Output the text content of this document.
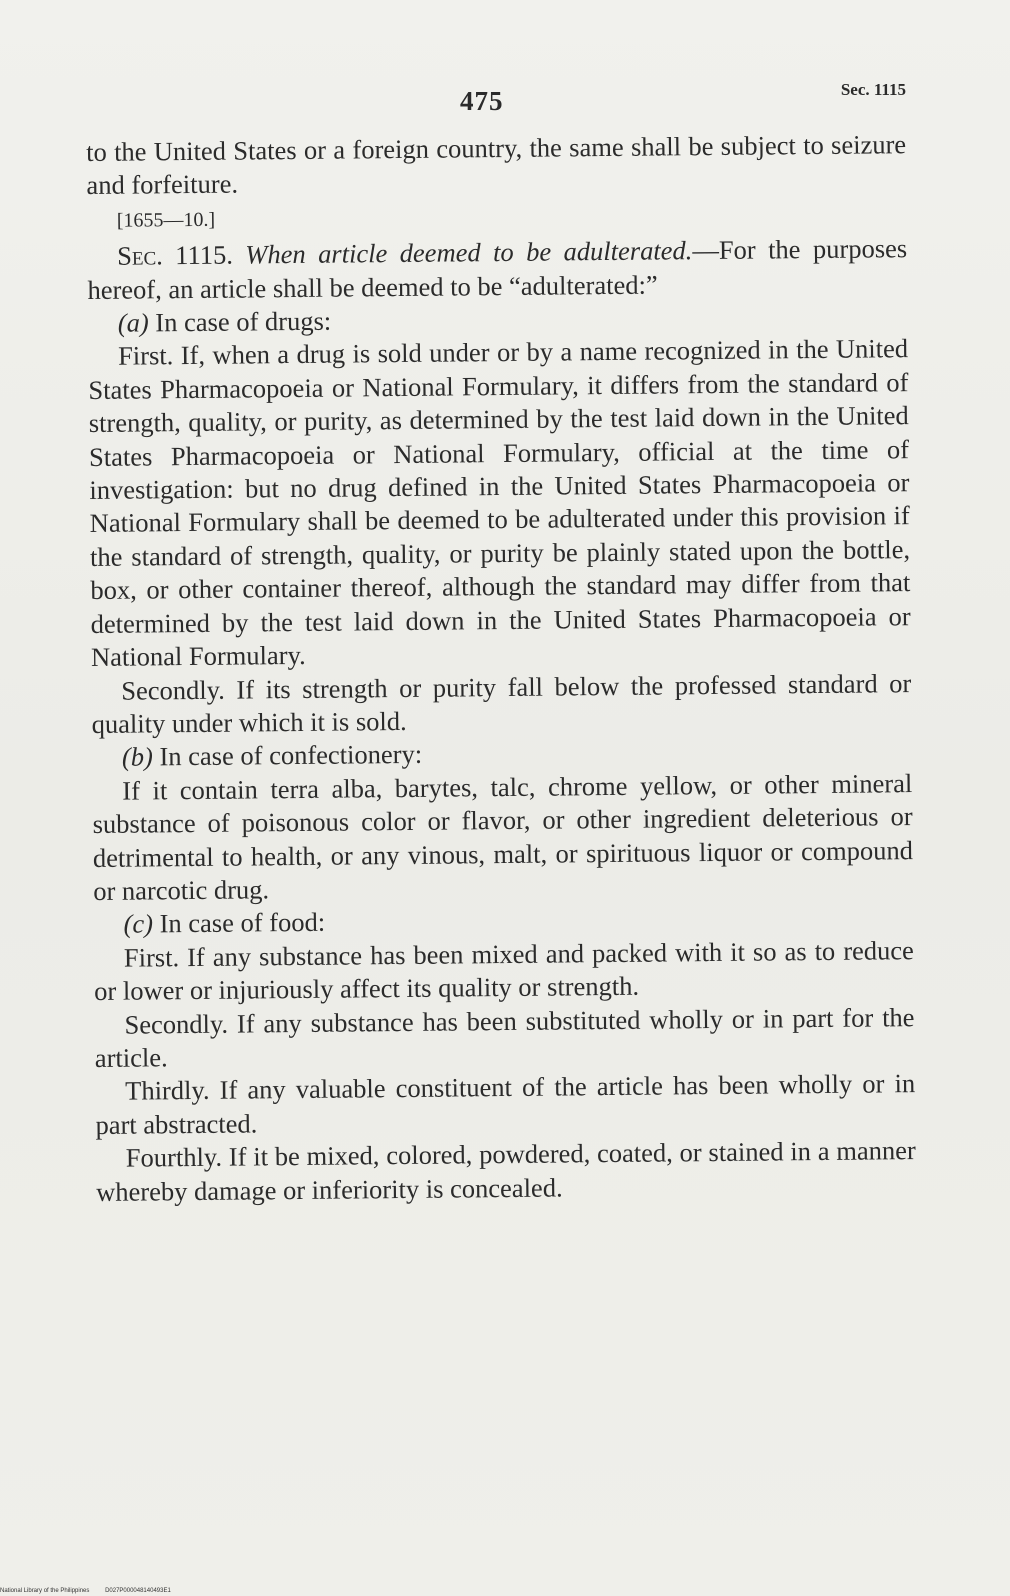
475	Sec. 1115

to the United States or a foreign country, the same shall be subject to seizure and forfeiture.

[1655—10.]

Sec. 1115. When article deemed to be adulterated.—For the purposes hereof, an article shall be deemed to be “adulterated:”

(a) In case of drugs:

First. If, when a drug is sold under or by a name recognized in the United States Pharmacopoeia or National Formulary, it differs from the standard of strength, quality, or purity, as determined by the test laid down in the United States Pharmacopoeia or National Formulary, official at the time of investigation: but no drug defined in the United States Pharmacopoeia or National Formulary shall be deemed to be adulterated under this provision if the standard of strength, quality, or purity be plainly stated upon the bottle, box, or other container thereof, although the standard may differ from that determined by the test laid down in the United States Pharmacopoeia or National Formulary.

Secondly. If its strength or purity fall below the professed standard or quality under which it is sold.

(b) In case of confectionery:

If it contain terra alba, barytes, talc, chrome yellow, or other mineral substance of poisonous color or flavor, or other ingredient deleterious or detrimental to health, or any vinous, malt, or spirituous liquor or compound or narcotic drug.

(c) In case of food:

First. If any substance has been mixed and packed with it so as to reduce or lower or injuriously affect its quality or strength.

Secondly. If any substance has been substituted wholly or in part for the article.

Thirdly. If any valuable constituent of the article has been wholly or in part abstracted.

Fourthly. If it be mixed, colored, powdered, coated, or stained in a manner whereby damage or inferiority is concealed.

National Library of the Philippines	D027P000048140493E1
